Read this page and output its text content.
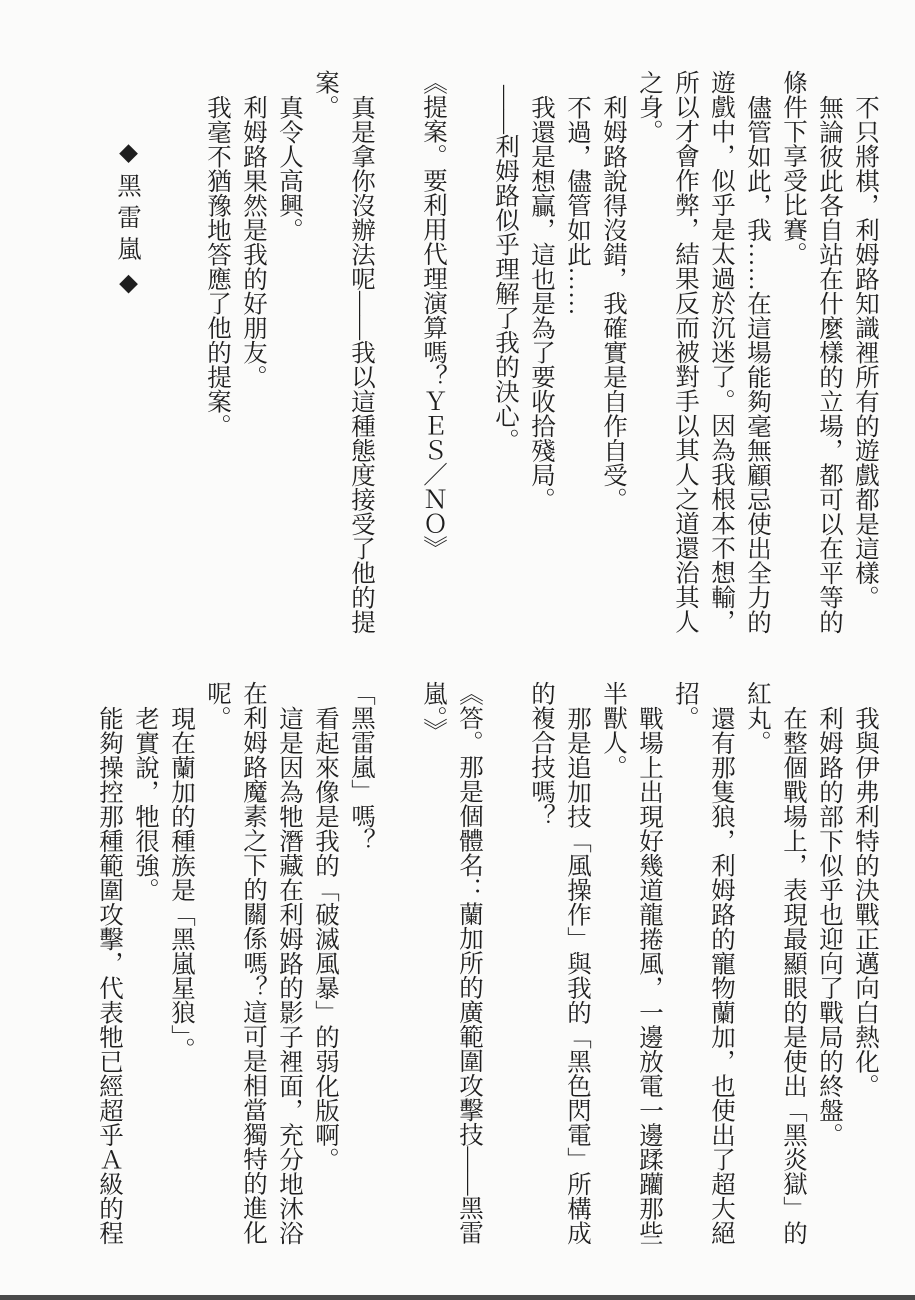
不只將棋，利姆路知識裡所有的遊戲都是這樣。

無論彼此各自站在什麼樣的立場，都可以在平等的條件下享受比賽。

儘管如此，我……在這場能夠毫無顧忌使出全力的遊戲中，似乎是太過於沉迷了。因為我根本不想輸，所以才會作弊，結果反而被對手以其人之道還治其人之身。

利姆路說得沒錯，我確實是自作自受。

不過，儘管如此……

我還是想贏，這也是為了要收拾殘局。

——利姆路似乎理解了我的決心。

《提案。要利用代理演算嗎？ＹＥＳ／ＮＯ》

真是拿你沒辦法呢——我以這種態度接受了他的提案。

真令人高興。

利姆路果然是我的好朋友。

我毫不猶豫地答應了他的提案。

◆黑雷嵐◆

我與伊弗利特的決戰正邁向白熱化。

利姆路的部下似乎也迎向了戰局的終盤。

在整個戰場上，表現最顯眼的是使出「黑炎獄」的紅丸。

還有那隻狼，利姆路的寵物蘭加，也使出了超大絕招。

戰場上出現好幾道龍捲風，一邊放電一邊蹂躪那些半獸人。

那是追加技「風操作」與我的「黑色閃電」所構成的複合技嗎？

《答。那是個體名：蘭加所的廣範圍攻擊技——黑雷嵐。》

「黑雷嵐」嗎？

看起來像是我的「破滅風暴」的弱化版啊。

這是因為牠潛藏在利姆路的影子裡面，充分地沐浴在利姆路魔素之下的關係嗎？這可是相當獨特的進化呢。

現在蘭加的種族是「黑嵐星狼」。

老實說，牠很強。

能夠操控那種範圍攻擊，代表牠已經超乎Ａ級的程
